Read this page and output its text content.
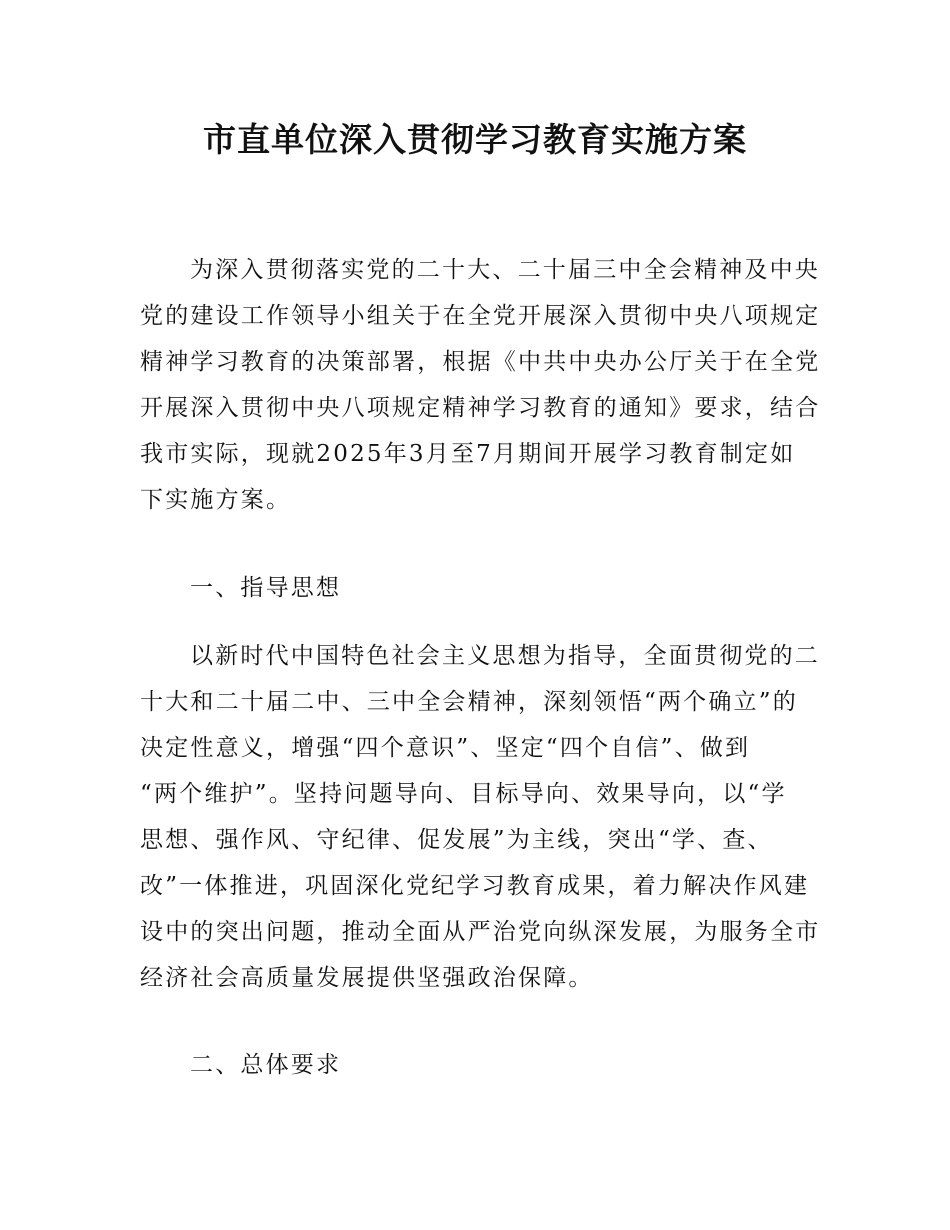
市直单位深入贯彻学习教育实施方案
为深入贯彻落实党的二十大、二十届三中全会精神及中央
党的建设工作领导小组关于在全党开展深入贯彻中央八项规定
精神学习教育的决策部署，根据《中共中央办公厅关于在全党
开展深入贯彻中央八项规定精神学习教育的通知》要求，结合
我市实际，现就2025年3月至7月期间开展学习教育制定如
下实施方案。
一、指导思想
以新时代中国特色社会主义思想为指导，全面贯彻党的二
十大和二十届二中、三中全会精神，深刻领悟“两个确立”的
决定性意义，增强“四个意识”、坚定“四个自信”、做到
“两个维护”。坚持问题导向、目标导向、效果导向，以“学
思想、强作风、守纪律、促发展”为主线，突出“学、查、
改”一体推进，巩固深化党纪学习教育成果，着力解决作风建
设中的突出问题，推动全面从严治党向纵深发展，为服务全市
经济社会高质量发展提供坚强政治保障。
二、总体要求
